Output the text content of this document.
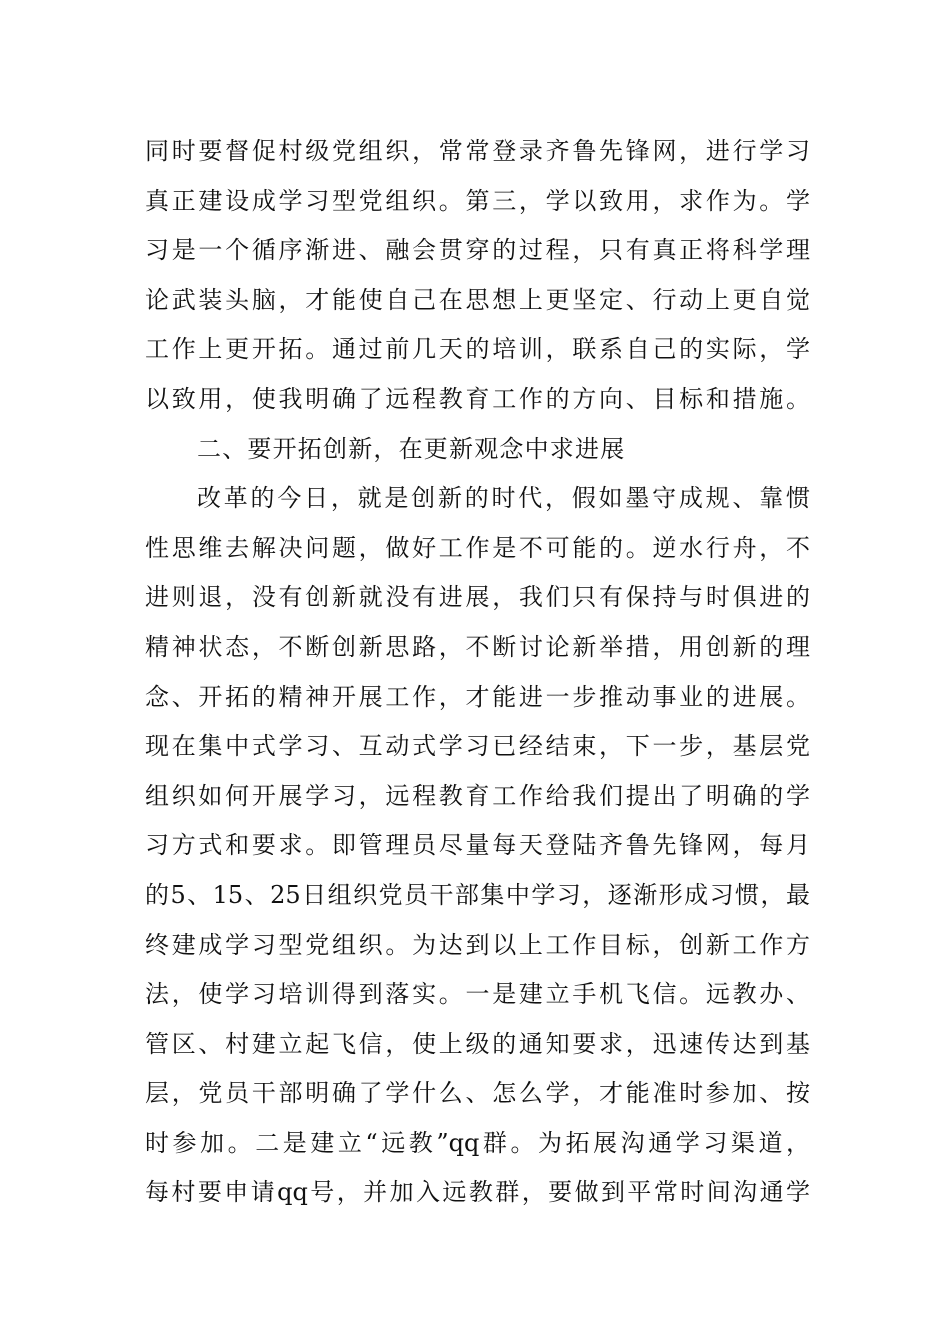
同时要督促村级党组织，常常登录齐鲁先锋网，进行学习
真正建设成学习型党组织。第三，学以致用，求作为。学
习是一个循序渐进、融会贯穿的过程，只有真正将科学理
论武装头脑，才能使自己在思想上更坚定、行动上更自觉
工作上更开拓。通过前几天的培训，联系自己的实际，学
以致用，使我明确了远程教育工作的方向、目标和措施。
二、要开拓创新，在更新观念中求进展
改革的今日，就是创新的时代，假如墨守成规、靠惯
性思维去解决问题，做好工作是不可能的。逆水行舟，不
进则退，没有创新就没有进展，我们只有保持与时俱进的
精神状态，不断创新思路，不断讨论新举措，用创新的理
念、开拓的精神开展工作，才能进一步推动事业的进展。
现在集中式学习、互动式学习已经结束，下一步，基层党
组织如何开展学习，远程教育工作给我们提出了明确的学
习方式和要求。即管理员尽量每天登陆齐鲁先锋网，每月
的5、15、25日组织党员干部集中学习，逐渐形成习惯，最
终建成学习型党组织。为达到以上工作目标，创新工作方
法，使学习培训得到落实。一是建立手机飞信。远教办、
管区、村建立起飞信，使上级的通知要求，迅速传达到基
层，党员干部明确了学什么、怎么学，才能准时参加、按
时参加。二是建立“远教”qq群。为拓展沟通学习渠道，
每村要申请qq号，并加入远教群，要做到平常时间沟通学
